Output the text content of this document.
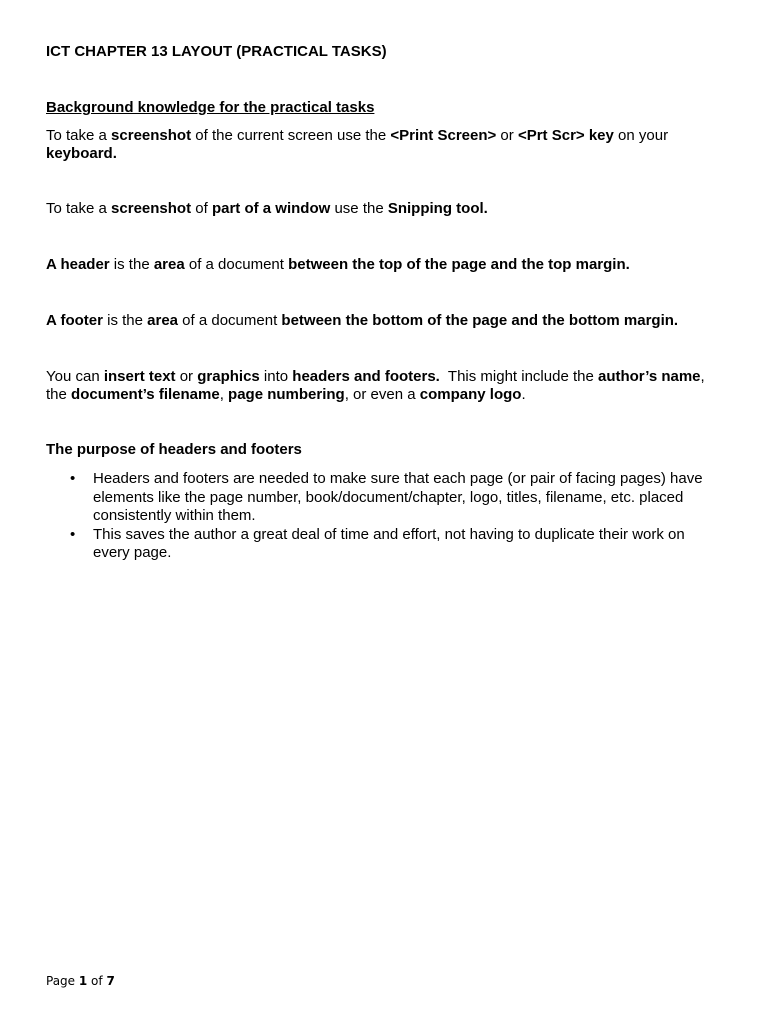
ICT CHAPTER 13 LAYOUT (PRACTICAL TASKS)

Background knowledge for the practical tasks

To take a screenshot of the current screen use the <Print Screen> or <Prt Scr> key on your
keyboard.

To take a screenshot of part of a window use the Snipping tool.

A header is the area of a document between the top of the page and the top margin.

A footer is the area of a document between the bottom of the page and the bottom margin.

You can insert text or graphics into headers and footers.  This might include the author’s name, the document’s filename, page numbering, or even a company logo.

The purpose of headers and footers

• Headers and footers are needed to make sure that each page (or pair of facing pages) have elements like the page number, book/document/chapter, logo, titles, filename, etc. placed consistently within them.
• This saves the author a great deal of time and effort, not having to duplicate their work on every page.
Page 1 of 7
